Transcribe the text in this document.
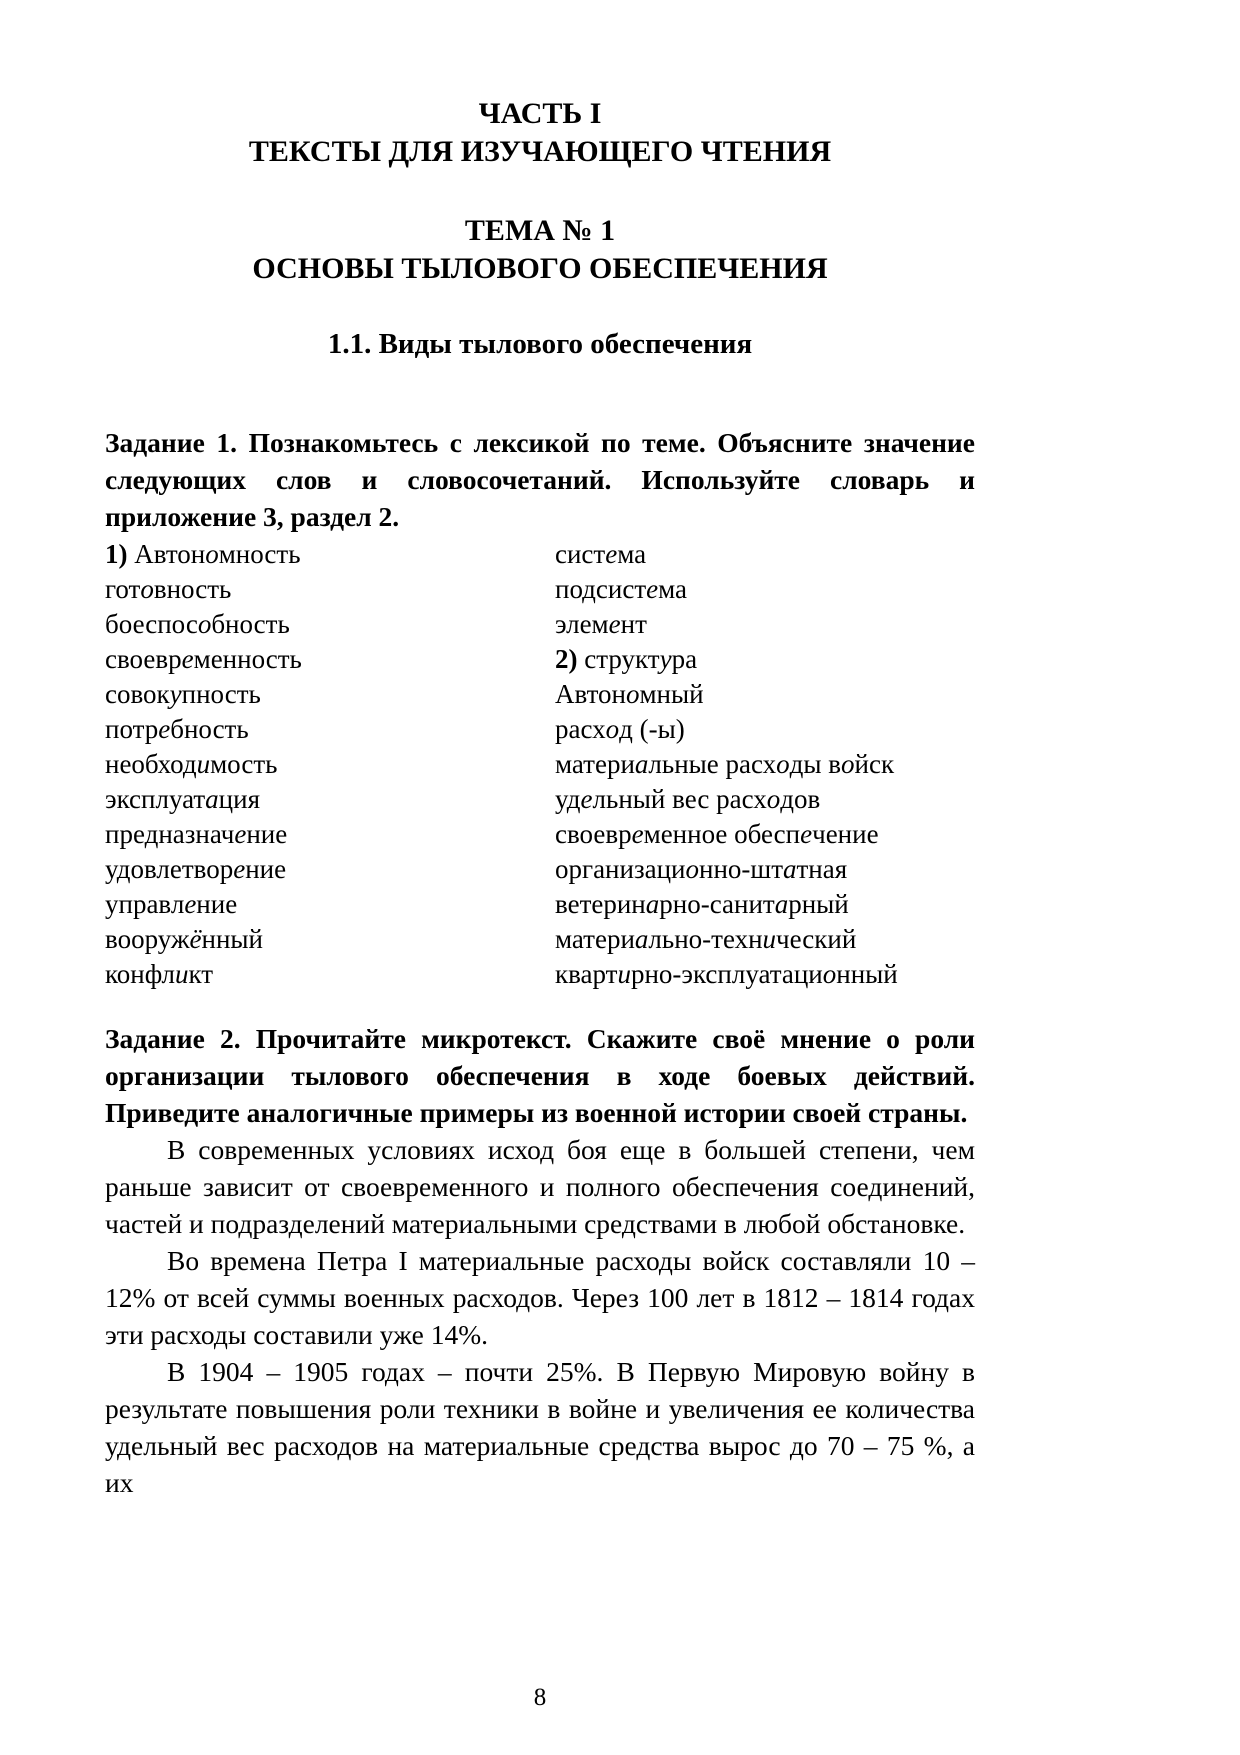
ЧАСТЬ I
ТЕКСТЫ ДЛЯ ИЗУЧАЮЩЕГО ЧТЕНИЯ
ТЕМА № 1
ОСНОВЫ ТЫЛОВОГО ОБЕСПЕЧЕНИЯ
1.1. Виды тылового обеспечения
Задание 1. Познакомьтесь с лексикой по теме. Объясните значение следующих слов и словосочетаний. Используйте словарь и приложение 3, раздел 2.
1) Автономность
готовность
боеспособность
своевременность
совокупность
потребность
необходимость
эксплуатация
предназначение
удовлетворение
управление
вооружённый
конфликт
система
подсистема
элемент
2) структура
Автономный
расход (-ы)
материальные расходы войск
удельный вес расходов
своевременное обеспечение
организационно-штатная
ветеринарно-санитарный
материально-технический
квартирно-эксплуатационный
Задание 2. Прочитайте микротекст. Скажите своё мнение о роли организации тылового обеспечения в ходе боевых действий. Приведите аналогичные примеры из военной истории своей страны.
В современных условиях исход боя еще в большей степени, чем раньше зависит от своевременного и полного обеспечения соединений, частей и подразделений материальными средствами в любой обстановке.
Во времена Петра I материальные расходы войск составляли 10 – 12% от всей суммы военных расходов. Через 100 лет в 1812 – 1814 годах эти расходы составили уже 14%.
В 1904 – 1905 годах – почти 25%. В Первую Мировую войну в результате повышения роли техники в войне и увеличения ее количества удельный вес расходов на материальные средства вырос до 70 – 75 %, а их
8
